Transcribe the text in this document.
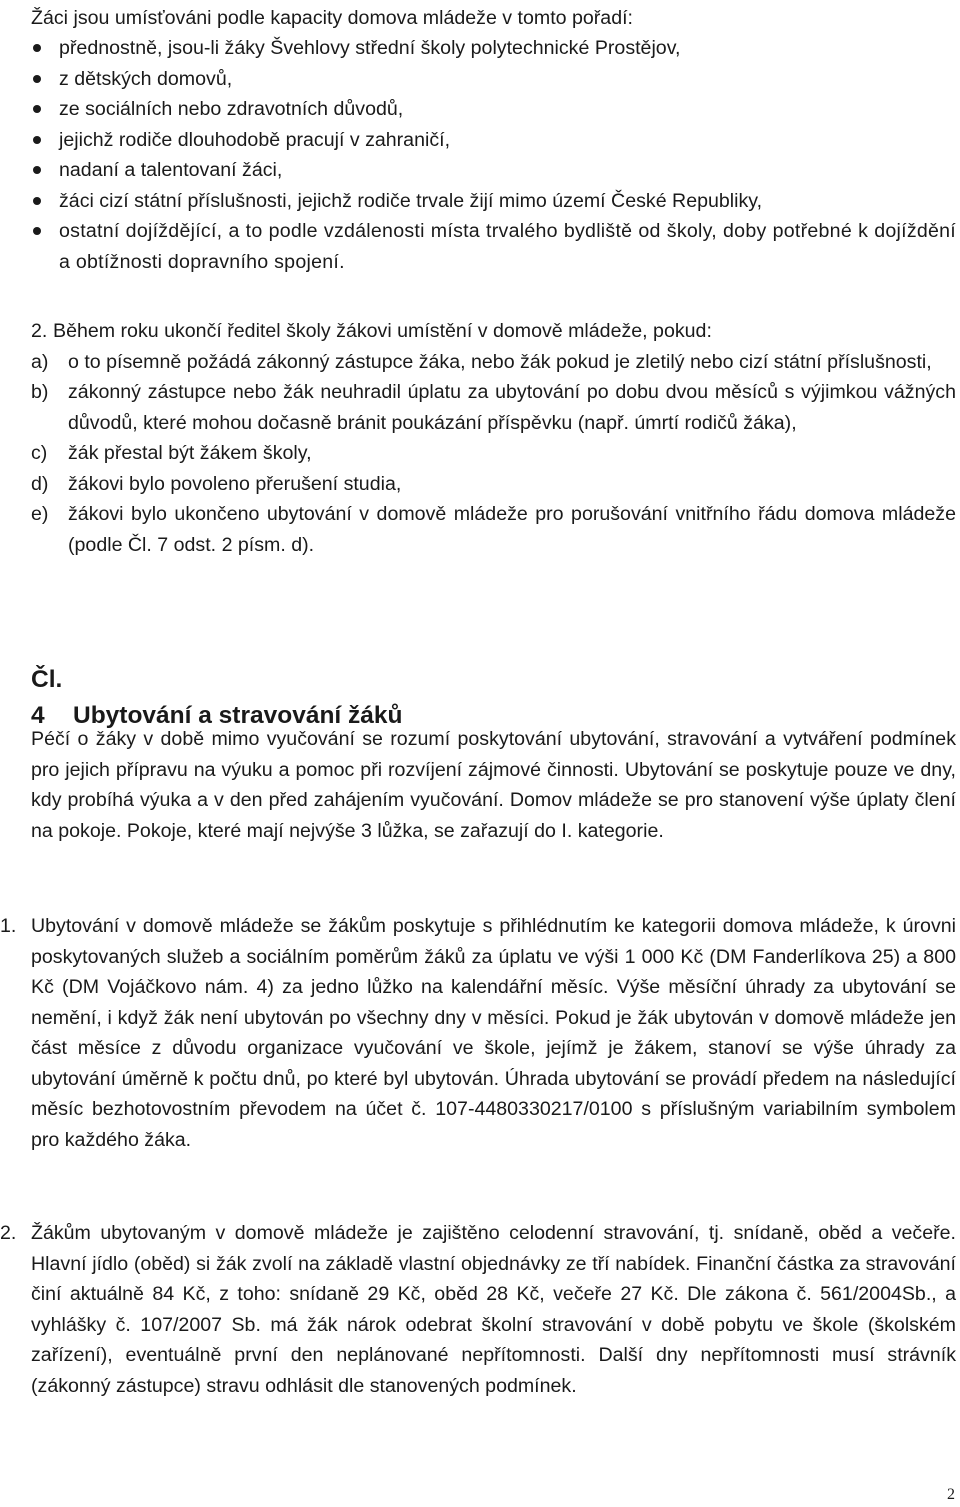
Žáci jsou umísťováni podle kapacity domova mládeže v tomto pořadí:

přednostně, jsou-li žáky Švehlovy střední školy polytechnické Prostějov,
z dětských domovů,
ze sociálních nebo zdravotních důvodů,
jejichž rodiče dlouhodobě pracují v zahraničí,
nadaní a talentovaní žáci,
žáci cizí státní příslušnosti, jejichž rodiče trvale žijí mimo území České Republiky,
ostatní dojíždějící, a to podle vzdálenosti místa trvalého bydliště od školy, doby potřebné k dojíždění a obtížnosti dopravního spojení.
2. Během roku ukončí ředitel školy žákovi umístění v domově mládeže, pokud:
a) o to písemně požádá zákonný zástupce žáka, nebo žák pokud je zletilý nebo cizí státní příslušnosti,
b) zákonný zástupce nebo žák neuhradil úplatu za ubytování po dobu dvou měsíců s výjimkou vážných důvodů, které mohou dočasně bránit poukázání příspěvku (např. úmrtí rodičů žáka),
c) žák přestal být žákem školy,
d) žákovi bylo povoleno přerušení studia,
e) žákovi bylo ukončeno ubytování v domově mládeže pro porušování vnitřního řádu domova mládeže (podle Čl. 7 odst. 2 písm. d).
Čl. 4 Ubytování a stravování žáků

Péčí o žáky v době mimo vyučování se rozumí poskytování ubytování, stravování a vytváření podmínek pro jejich přípravu na výuku a pomoc při rozvíjení zájmové činnosti. Ubytování se poskytuje pouze ve dny, kdy probíhá výuka a v den před zahájením vyučování. Domov mládeže se pro stanovení výše úplaty člení na pokoje. Pokoje, které mají nejvýše 3 lůžka, se zařazují do I. kategorie.

1. Ubytování v domově mládeže se žákům poskytuje s přihlédnutím ke kategorii domova mládeže, k úrovni poskytovaných služeb a sociálním poměrům žáků za úplatu ve výši 1 000 Kč (DM Fanderlíkova 25) a 800 Kč (DM Vojáčkovo nám. 4) za jedno lůžko na kalendářní měsíc. Výše měsíční úhrady za ubytování se nemění, i když žák není ubytován po všechny dny v měsíci. Pokud je žák ubytován v domově mládeže jen část měsíce z důvodu organizace vyučování ve škole, jejímž je žákem, stanoví se výše úhrady za ubytování úměrně k počtu dnů, po které byl ubytován. Úhrada ubytování se provádí předem na následující měsíc bezhotovostním převodem na účet č. 107-4480330217/0100 s příslušným variabilním symbolem pro každého žáka.
2. Žákům ubytovaným v domově mládeže je zajištěno celodenní stravování, tj. snídaně, oběd a večeře. Hlavní jídlo (oběd) si žák zvolí na základě vlastní objednávky ze tří nabídek. Finanční částka za stravování činí aktuálně 84 Kč, z toho: snídaně 29 Kč, oběd 28 Kč, večeře 27 Kč. Dle zákona č. 561/2004Sb., a vyhlášky č. 107/2007 Sb. má žák nárok odebrat školní stravování v době pobytu ve škole (školském zařízení), eventuálně první den neplánované nepřítomnosti. Další dny nepřítomnosti musí strávník (zákonný zástupce) stravu odhlásit dle stanovených podmínek.
2
